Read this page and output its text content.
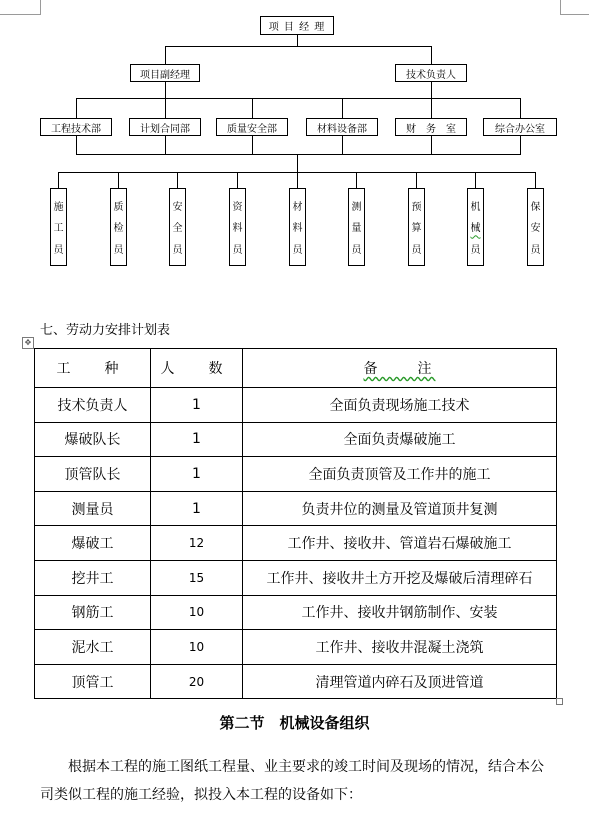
项 目 经 理
项目副经理	技术负责人
工程技术部	计划合同部	质量安全部	材料设备部	财　务　室	综合办公室
施
工
员
质
检
员
安
全
员
资
料
员
材
料
员
测
量
员
预
算
员
机
械
员
保
安
员
七、劳动力安排计划表
✥
工　种	人　数	备　　注
技术负责人	1	全面负责现场施工技术
爆破队长	1	全面负责爆破施工
顶管队长	1	全面负责顶管及工作井的施工
测量员	1	负责井位的测量及管道顶井复测
爆破工	12	工作井、接收井、管道岩石爆破施工
挖井工	15	工作井、接收井土方开挖及爆破后清理碎石
钢筋工	10	工作井、接收井钢筋制作、安装
泥水工	10	工作井、接收井混凝土浇筑
顶管工	20	清理管道内碎石及顶进管道
第二节　机械设备组织
根据本工程的施工图纸工程量、业主要求的竣工时间及现场的情况，结合本公
司类似工程的施工经验，拟投入本工程的设备如下：
